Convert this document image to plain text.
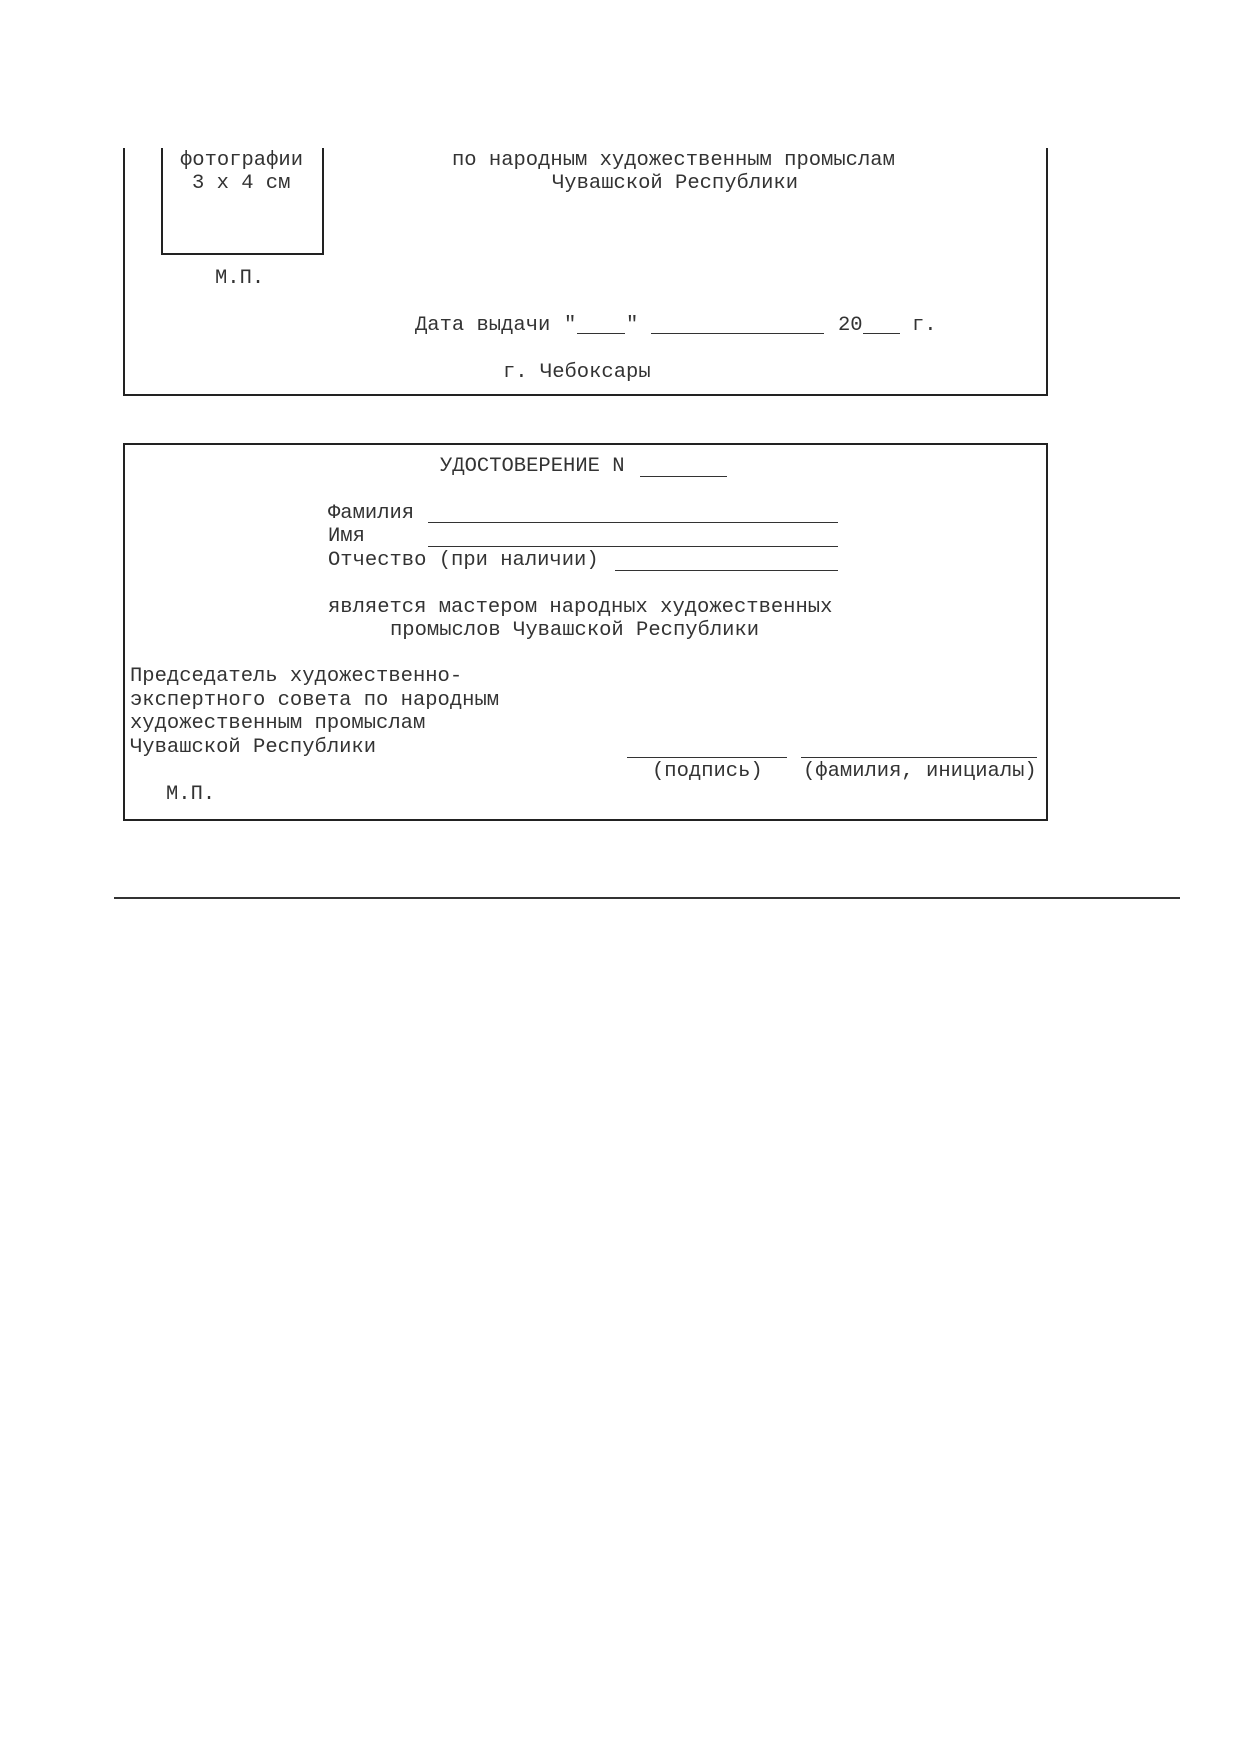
фотографии
3 x 4 см
по народным художественным промыслам
Чувашской Республики
М.П.
Дата выдачи " "	20 г.
г. Чебоксары
УДОСТОВЕРЕНИЕ N
Фамилия
Имя
Отчество (при наличии)
является мастером народных художественных
промыслов Чувашской Республики
Председатель художественно-
экспертного совета по народным
художественным промыслам
Чувашской Республики
(подпись) (фамилия, инициалы)
М.П.
